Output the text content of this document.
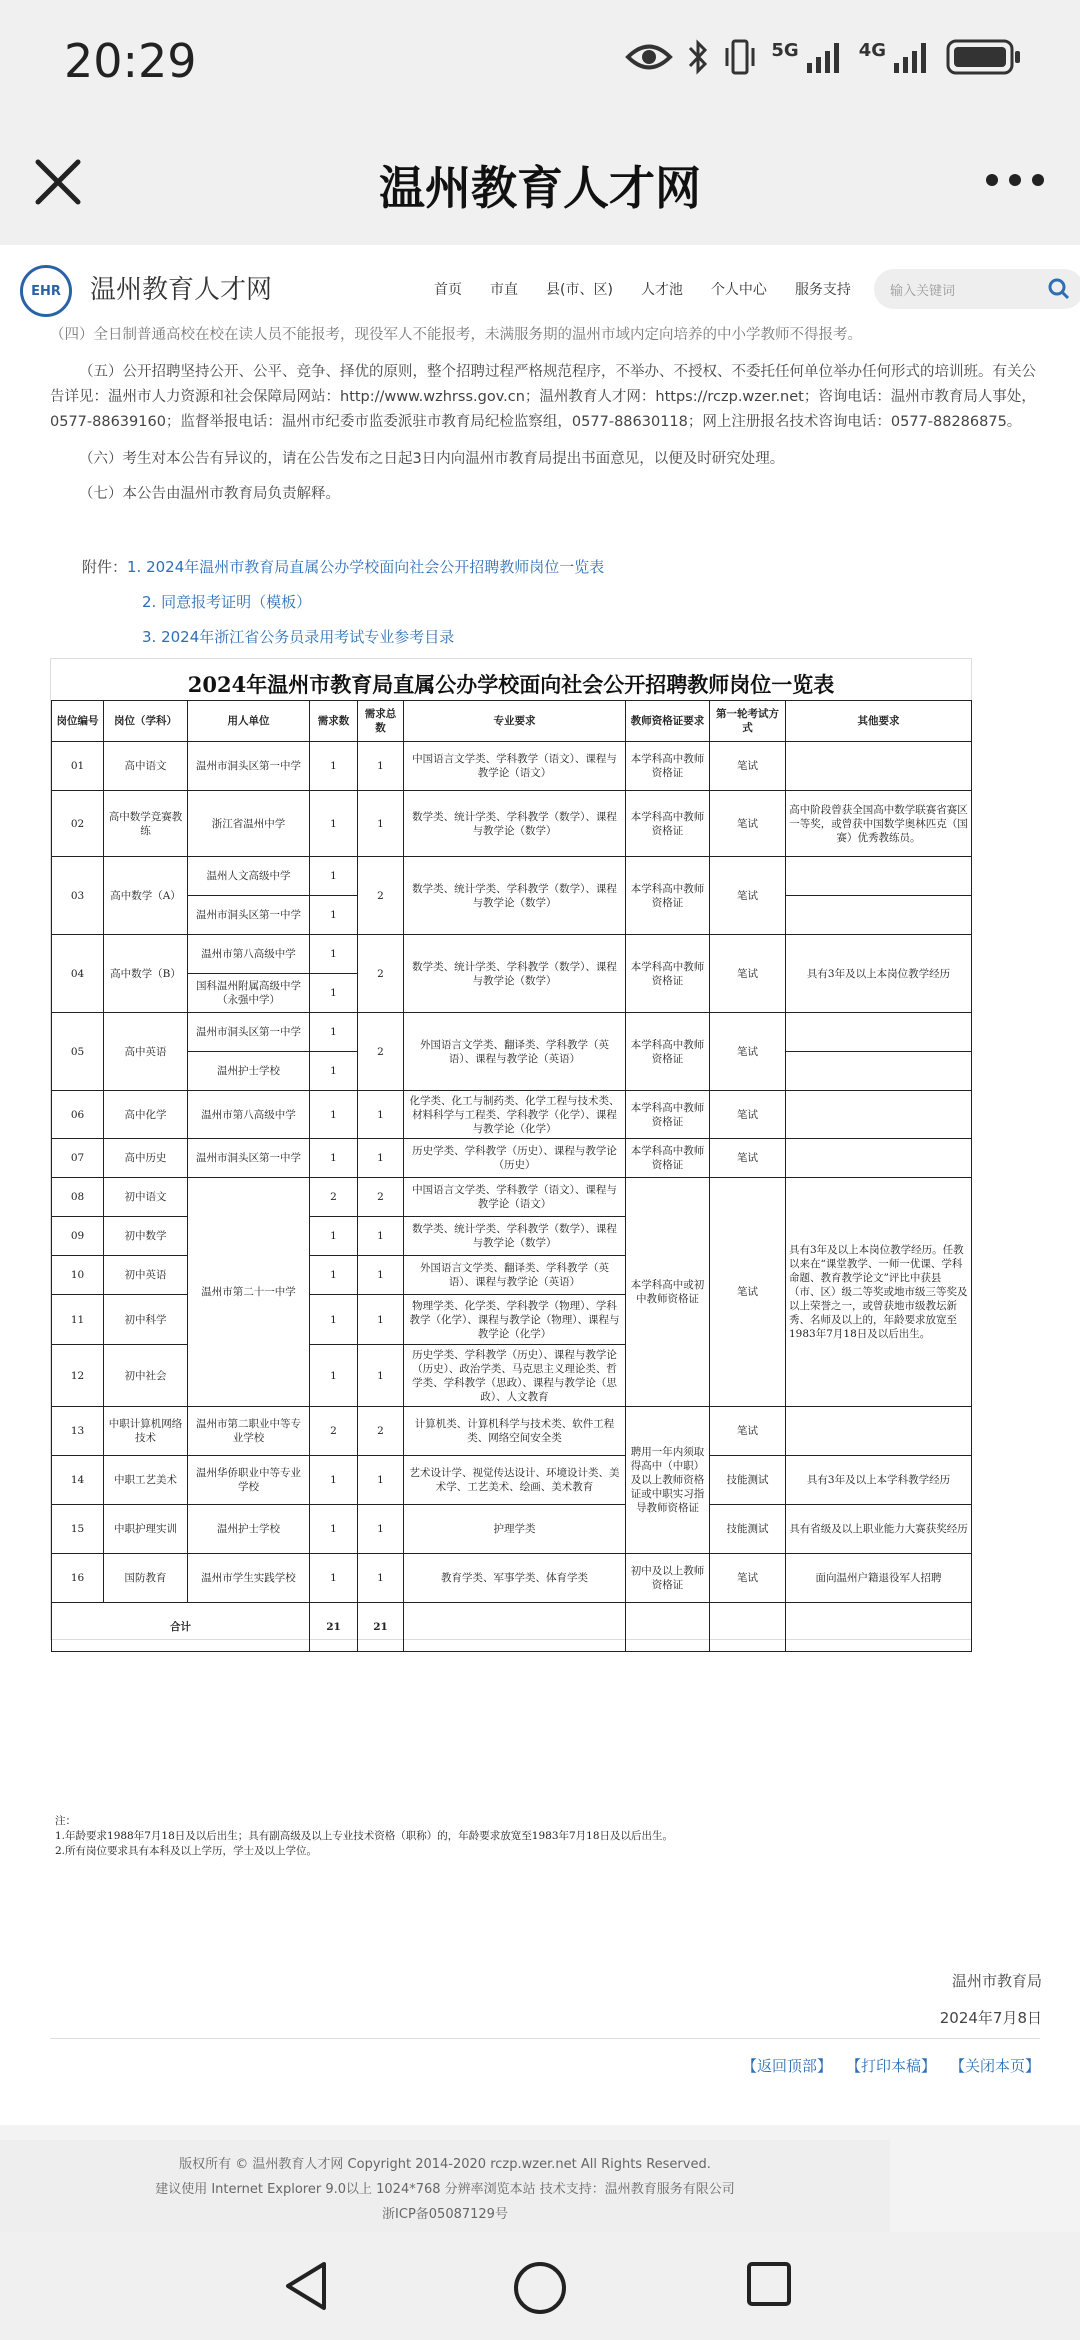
20:29	5G	4G
温州教育人才网
EHR	温州教育人才网	首页 市直 县(市、区) 人才池 个人中心 服务支持	输入关键词
（四）全日制普通高校在校在读人员不能报考，现役军人不能报考，未满服务期的温州市域内定向培养的中小学教师不得报考。
（五）公开招聘坚持公开、公平、竞争、择优的原则，整个招聘过程严格规范程序，不举办、不授权、不委托任何单位举办任何形式的培训班。有关公告详见：温州市人力资源和社会保障局网站：http://www.wzhrss.gov.cn；温州教育人才网：https://rczp.wzer.net；咨询电话：温州市教育局人事处，0577-88639160；监督举报电话：温州市纪委市监委派驻市教育局纪检监察组，0577-88630118；网上注册报名技术咨询电话：0577-88286875。
（六）考生对本公告有异议的，请在公告发布之日起3日内向温州市教育局提出书面意见，以便及时研究处理。
（七）本公告由温州市教育局负责解释。
附件：1. 2024年温州市教育局直属公办学校面向社会公开招聘教师岗位一览表
2. 同意报考证明（模板）
3. 2024年浙江省公务员录用考试专业参考目录
2024年温州市教育局直属公办学校面向社会公开招聘教师岗位一览表
岗位编号	岗位（学科）	用人单位	需求数	需求总数	专业要求	教师资格证要求	第一轮考试方式	其他要求
01	高中语文	温州市洞头区第一中学	1	1	中国语言文学类、学科教学（语文）、课程与教学论（语文）	本学科高中教师资格证	笔试	
02	高中数学竞赛教练	浙江省温州中学	1	1	数学类、统计学类、学科教学（数学）、课程与教学论（数学）	本学科高中教师资格证	笔试	高中阶段曾获全国高中数学联赛省赛区一等奖，或曾获中国数学奥林匹克（国赛）优秀教练员。
03	高中数学（A）	温州人文高级中学	1	2	数学类、统计学类、学科教学（数学）、课程与教学论（数学）	本学科高中教师资格证	笔试	
		温州市洞头区第一中学	1					
04	高中数学（B）	温州市第八高级中学	1	2	数学类、统计学类、学科教学（数学）、课程与教学论（数学）	本学科高中教师资格证	笔试	具有3年及以上本岗位教学经历
		国科温州附属高级中学（永强中学）	1					
05	高中英语	温州市洞头区第一中学	1	2	外国语言文学类、翻译类、学科教学（英语）、课程与教学论（英语）	本学科高中教师资格证	笔试	
		温州护士学校	1					
06	高中化学	温州市第八高级中学	1	1	化学类、化工与制药类、化学工程与技术类、材料科学与工程类、学科教学（化学）、课程与教学论（化学）	本学科高中教师资格证	笔试	
07	高中历史	温州市洞头区第一中学	1	1	历史学类、学科教学（历史）、课程与教学论（历史）	本学科高中教师资格证	笔试	
08	初中语文	温州市第二十一中学	2	2	中国语言文学类、学科教学（语文）、课程与教学论（语文）	本学科高中或初中教师资格证	笔试	具有3年及以上本岗位教学经历。任教以来在“课堂教学、一师一优课、学科命题、教育教学论文”评比中获县（市、区）级二等奖或地市级三等奖及以上荣誉之一，或曾获地市级教坛新秀、名师及以上的，年龄要求放宽至1983年7月18日及以后出生。
09	初中数学		1	1	数学类、统计学类、学科教学（数学）、课程与教学论（数学）			
10	初中英语		1	1	外国语言文学类、翻译类、学科教学（英语）、课程与教学论（英语）			
11	初中科学		1	1	物理学类、化学类、学科教学（物理）、学科教学（化学）、课程与教学论（物理）、课程与教学论（化学）			
12	初中社会		1	1	历史学类、学科教学（历史）、课程与教学论（历史）、政治学类、马克思主义理论类、哲学类、学科教学（思政）、课程与教学论（思政）、人文教育			
13	中职计算机网络技术	温州市第二职业中等专业学校	2	2	计算机类、计算机科学与技术类、软件工程类、网络空间安全类	聘用一年内须取得高中（中职）及以上教师资格证或中职实习指导教师资格证	笔试	
14	中职工艺美术	温州华侨职业中等专业学校	1	1	艺术设计学、视觉传达设计、环境设计类、美术学、工艺美术、绘画、美术教育		技能测试	具有3年及以上本学科教学经历
15	中职护理实训	温州护士学校	1	1	护理学类		技能测试	具有省级及以上职业能力大赛获奖经历
16	国防教育	温州市学生实践学校	1	1	教育学类、军事学类、体育学类	初中及以上教师资格证	笔试	面向温州户籍退役军人招聘
合计			21	21				
注：
1.年龄要求1988年7月18日及以后出生；具有副高级及以上专业技术资格（职称）的，年龄要求放宽至1983年7月18日及以后出生。
2.所有岗位要求具有本科及以上学历，学士及以上学位。
温州市教育局
2024年7月8日
【返回顶部】 【打印本稿】 【关闭本页】
版权所有 © 温州教育人才网 Copyright 2014-2020 rczp.wzer.net All Rights Reserved.
建议使用 Internet Explorer 9.0以上 1024*768 分辨率浏览本站 技术支持：温州教育服务有限公司
浙ICP备05087129号
